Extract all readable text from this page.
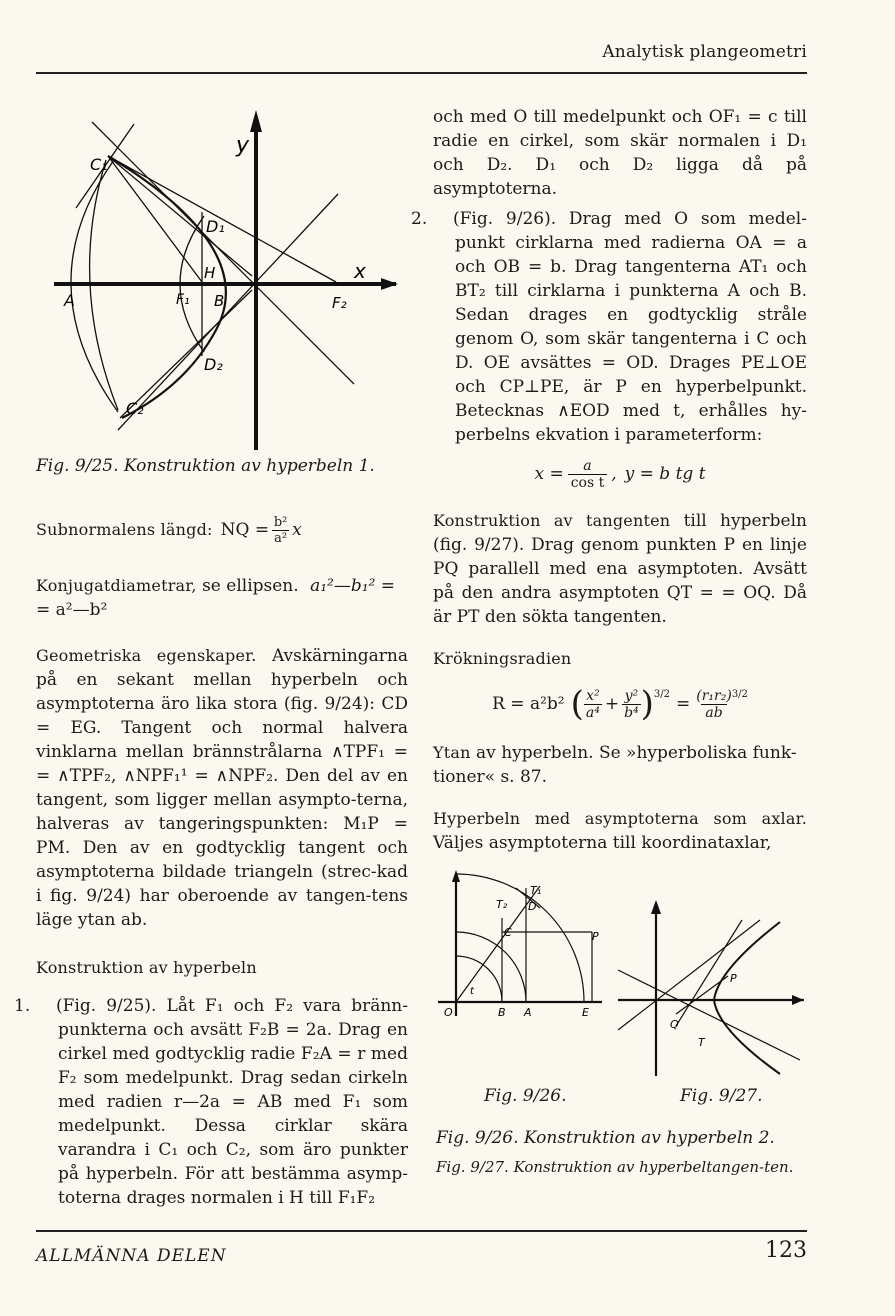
Analytisk plangeometri
y
x
C₁
C₂
D₁
D₂
H
A	F₁ B	F₂
Fig. 9/25. Konstruktion av hyperbeln 1.
Subnormalens längd: NQ = $\frac{\text{b²}}{\text{a²}}$ x

Konjugatdiametrar, se ellipsen. a₁²—b₁² =
= a²—b²

Geometriska egenskaper. Avskärningarna på en sekant mellan hyperbeln och asymptoterna äro lika stora (fig. 9/24): CD = EG. Tangent och normal halvera vinklarna mellan brännstrålarna ∧TPF₁ = = ∧TPF₂, ∧NPF₁¹ = ∧NPF₂. Den del av en tangent, som ligger mellan asympto-terna, halveras av tangeringspunkten: M₁P = PM. Den av en godtycklig tangent och asymptoterna bildade triangeln (strec-kad i fig. 9/24) har oberoende av tangen-tens läge ytan ab.

Konstruktion av hyperbeln

1. (Fig. 9/25). Låt F₁ och F₂ vara bränn-punkterna och avsätt F₂B = 2a. Drag en cirkel med godtycklig radie F₂A = r med F₂ som medelpunkt. Drag sedan cirkeln med radien r—2a = AB med F₁ som medelpunkt. Dessa cirklar skära varandra i C₁ och C₂, som äro punkter på hyperbeln. För att bestämma asymp-toterna drages normalen i H till F₁F₂

och med O till medelpunkt och OF₁ = c till radie en cirkel, som skär normalen i D₁ och D₂. D₁ och D₂ ligga då på asymptoterna.

2. (Fig. 9/26). Drag med O som medel-punkt cirklarna med radierna OA = a och OB = b. Drag tangenterna AT₁ och BT₂ till cirklarna i punkterna A och B. Sedan drages en godtycklig stråle genom O, som skär tangenterna i C och D. OE avsättes = OD. Drages PE⊥OE och CP⊥PE, är P en hyperbelpunkt. Betecknas ∧EOD med t, erhålles hy-perbelns ekvation i parameterform:

$x = \frac{a}{\text{cos t}}$ , y = b tg t

Konstruktion av tangenten till hyperbeln (fig. 9/27). Drag genom punkten P en linje PQ parallell med ena asymptoten. Avsätt på den andra asymptoten QT = = OQ. Då är PT den sökta tangenten.

Krökningsradien

R = a²b² ( $\frac{\text{x²}}{\text{a⁴}} + \frac{\text{y²}}{\text{b⁴}}$ ) $3/2 = \frac{\text{(r₁r₂)}}{ab} 3/2$

Ytan av hyperbeln. Se »hyperboliska funk-tioner« s. 87.

Hyperbeln med asymptoterna som axlar. Väljes asymptoterna till koordinataxlar,

T₁
T₂ D
C	P
t
O	B A	E
P
Q
T
Fig. 9/26.	Fig. 9/27.
Fig. 9/26. Konstruktion av hyperbeln 2.
Fig. 9/27. Konstruktion av hyperbeltangen-ten.
ALLMÄNNA DELEN	123
